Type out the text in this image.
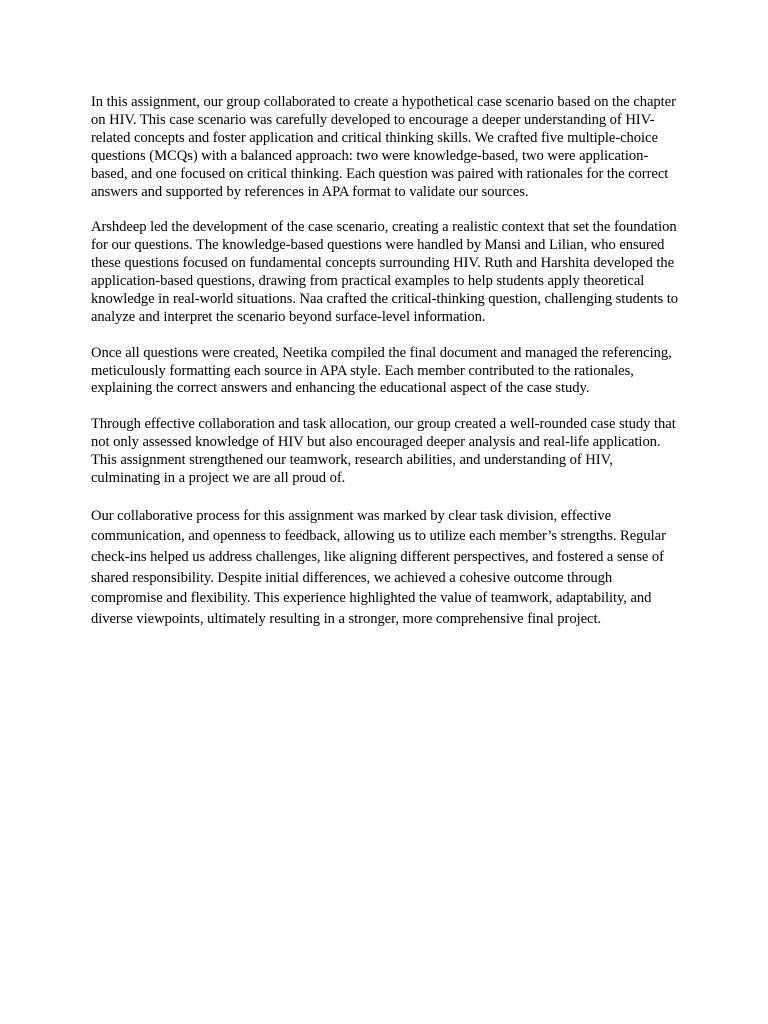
In this assignment, our group collaborated to create a hypothetical case scenario based on the chapter on HIV. This case scenario was carefully developed to encourage a deeper understanding of HIV-related concepts and foster application and critical thinking skills. We crafted five multiple-choice questions (MCQs) with a balanced approach: two were knowledge-based, two were application-based, and one focused on critical thinking. Each question was paired with rationales for the correct answers and supported by references in APA format to validate our sources.

Arshdeep led the development of the case scenario, creating a realistic context that set the foundation for our questions. The knowledge-based questions were handled by Mansi and Lilian, who ensured these questions focused on fundamental concepts surrounding HIV. Ruth and Harshita developed the application-based questions, drawing from practical examples to help students apply theoretical knowledge in real-world situations. Naa crafted the critical-thinking question, challenging students to analyze and interpret the scenario beyond surface-level information.

Once all questions were created, Neetika compiled the final document and managed the referencing, meticulously formatting each source in APA style. Each member contributed to the rationales, explaining the correct answers and enhancing the educational aspect of the case study.

Through effective collaboration and task allocation, our group created a well-rounded case study that not only assessed knowledge of HIV but also encouraged deeper analysis and real-life application. This assignment strengthened our teamwork, research abilities, and understanding of HIV, culminating in a project we are all proud of.

Our collaborative process for this assignment was marked by clear task division, effective communication, and openness to feedback, allowing us to utilize each member’s strengths. Regular check-ins helped us address challenges, like aligning different perspectives, and fostered a sense of shared responsibility. Despite initial differences, we achieved a cohesive outcome through compromise and flexibility. This experience highlighted the value of teamwork, adaptability, and diverse viewpoints, ultimately resulting in a stronger, more comprehensive final project.
